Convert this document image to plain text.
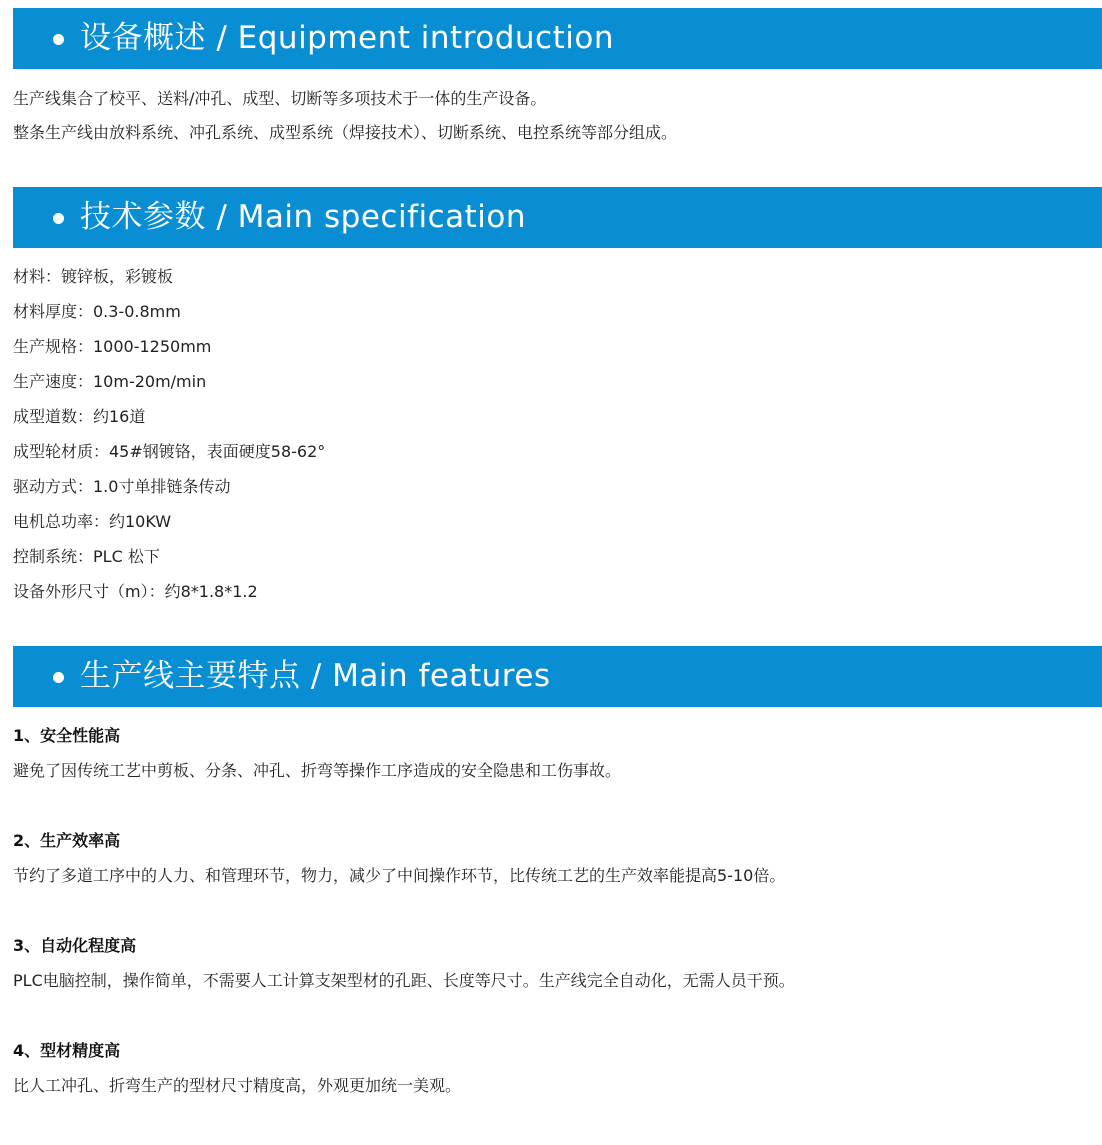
设备概述 / Equipment introduction
生产线集合了校平、送料/冲孔、成型、切断等多项技术于一体的生产设备。
整条生产线由放料系统、冲孔系统、成型系统（焊接技术）、切断系统、电控系统等部分组成。
技术参数 / Main specification
材料：镀锌板，彩镀板
材料厚度：0.3-0.8mm
生产规格：1000-1250mm
生产速度：10m-20m/min
成型道数：约16道
成型轮材质：45#钢镀铬，表面硬度58-62°
驱动方式：1.0寸单排链条传动
电机总功率：约10KW
控制系统：PLC 松下
设备外形尺寸（m）：约8*1.8*1.2
生产线主要特点 / Main features
1、安全性能高
避免了因传统工艺中剪板、分条、冲孔、折弯等操作工序造成的安全隐患和工伤事故。
2、生产效率高
节约了多道工序中的人力、和管理环节，物力，减少了中间操作环节，比传统工艺的生产效率能提高5-10倍。
3、自动化程度高
PLC电脑控制，操作简单，不需要人工计算支架型材的孔距、长度等尺寸。生产线完全自动化，无需人员干预。
4、型材精度高
比人工冲孔、折弯生产的型材尺寸精度高，外观更加统一美观。
